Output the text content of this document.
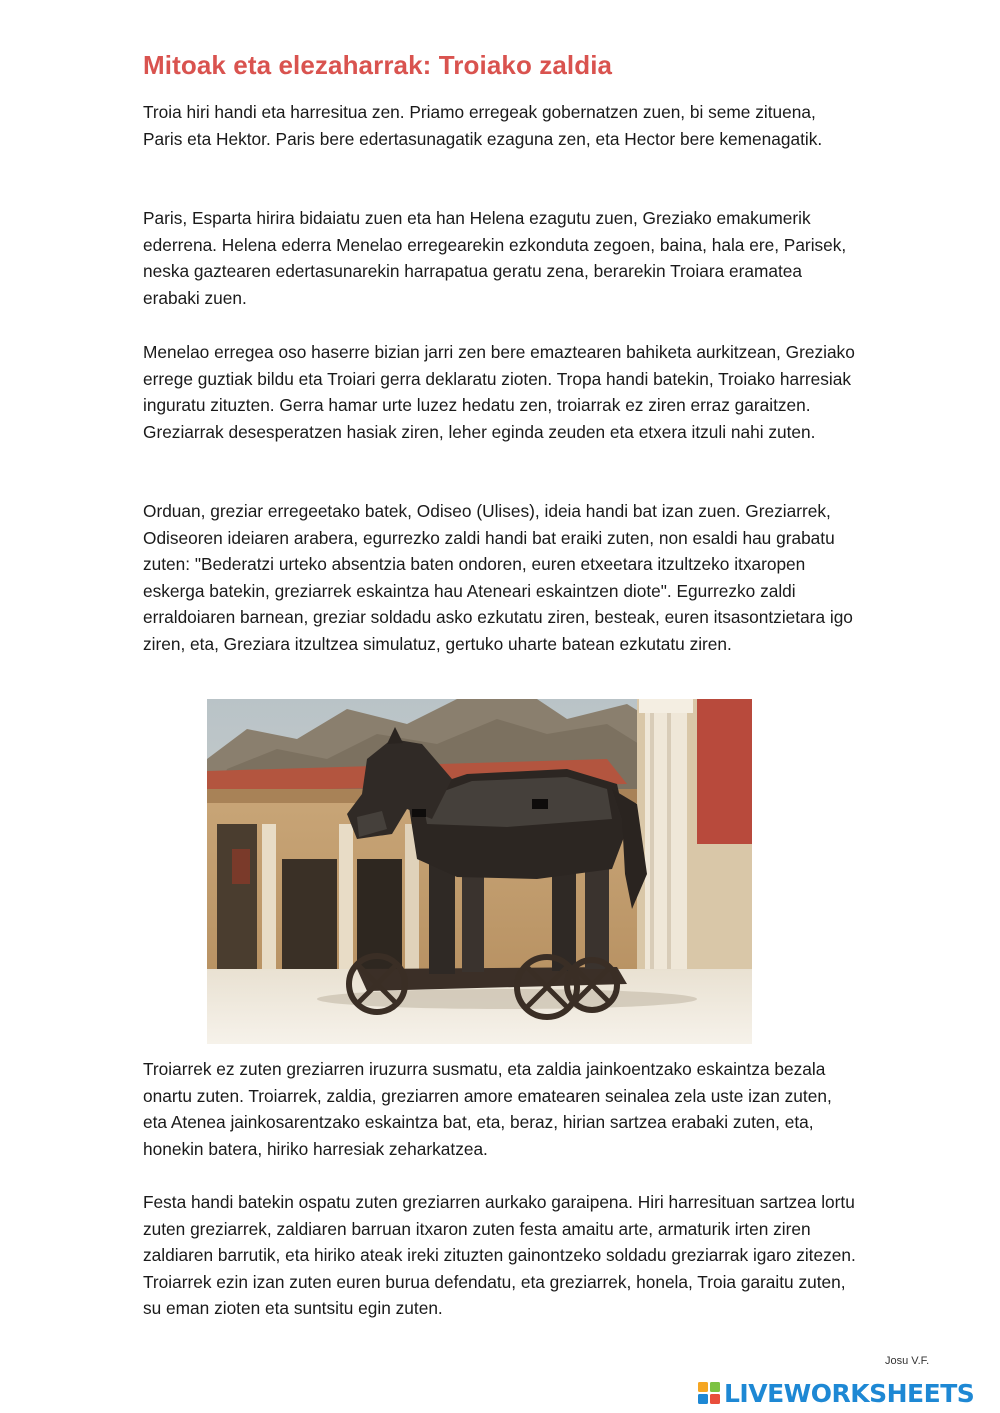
Mitoak eta elezaharrak: Troiako zaldia

Troia hiri handi eta harresitua zen. Priamo erregeak gobernatzen zuen, bi seme zituena, Paris eta Hektor. Paris bere edertasunagatik ezaguna zen, eta Hector bere kemenagatik.

Paris, Esparta hirira bidaiatu zuen eta han Helena ezagutu zuen, Greziako emakumerik ederrena. Helena ederra Menelao erregearekin ezkonduta zegoen, baina, hala ere, Parisek, neska gaztearen edertasunarekin harrapatua geratu zena, berarekin Troiara eramatea erabaki zuen.

Menelao erregea oso haserre bizian jarri zen bere emaztearen bahiketa aurkitzean, Greziako errege guztiak bildu eta Troiari gerra deklaratu zioten. Tropa handi batekin, Troiako harresiak inguratu zituzten. Gerra hamar urte luzez hedatu zen, troiarrak ez ziren erraz garaitzen. Greziarrak desesperatzen hasiak ziren, leher eginda zeuden eta etxera itzuli nahi zuten.

Orduan, greziar erregeetako batek, Odiseo (Ulises), ideia handi bat izan zuen. Greziarrek, Odiseoren ideiaren arabera, egurrezko zaldi handi bat eraiki zuten, non esaldi hau grabatu zuten: "Bederatzi urteko absentzia baten ondoren, euren etxeetara itzultzeko itxaropen eskerga batekin, greziarrek eskaintza hau Ateneari eskaintzen diote". Egurrezko zaldi erraldoiaren barnean, greziar soldadu asko ezkutatu ziren, besteak, euren itsasontzietara igo ziren, eta, Greziara itzultzea simulatuz, gertuko uharte batean ezkutatu ziren.

Troiarrek ez zuten greziarren iruzurra susmatu, eta zaldia jainkoentzako eskaintza bezala onartu zuten. Troiarrek, zaldia, greziarren amore ematearen seinalea zela uste izan zuten, eta Atenea jainkosarentzako eskaintza bat, eta, beraz, hirian sartzea erabaki zuten, eta, honekin batera, hiriko harresiak zeharkatzea.

Festa handi batekin ospatu zuten greziarren aurkako garaipena. Hiri harresituan sartzea lortu zuten greziarrek, zaldiaren barruan itxaron zuten festa amaitu arte, armaturik irten ziren zaldiaren barrutik, eta hiriko ateak ireki zituzten gainontzeko soldadu greziarrak igaro zitezen. Troiarrek ezin izan zuten euren burua defendatu, eta greziarrek, honela, Troia garaitu zuten, su eman zioten eta suntsitu egin zuten.

Josu V.F.
LIVEWORKSHEETS
